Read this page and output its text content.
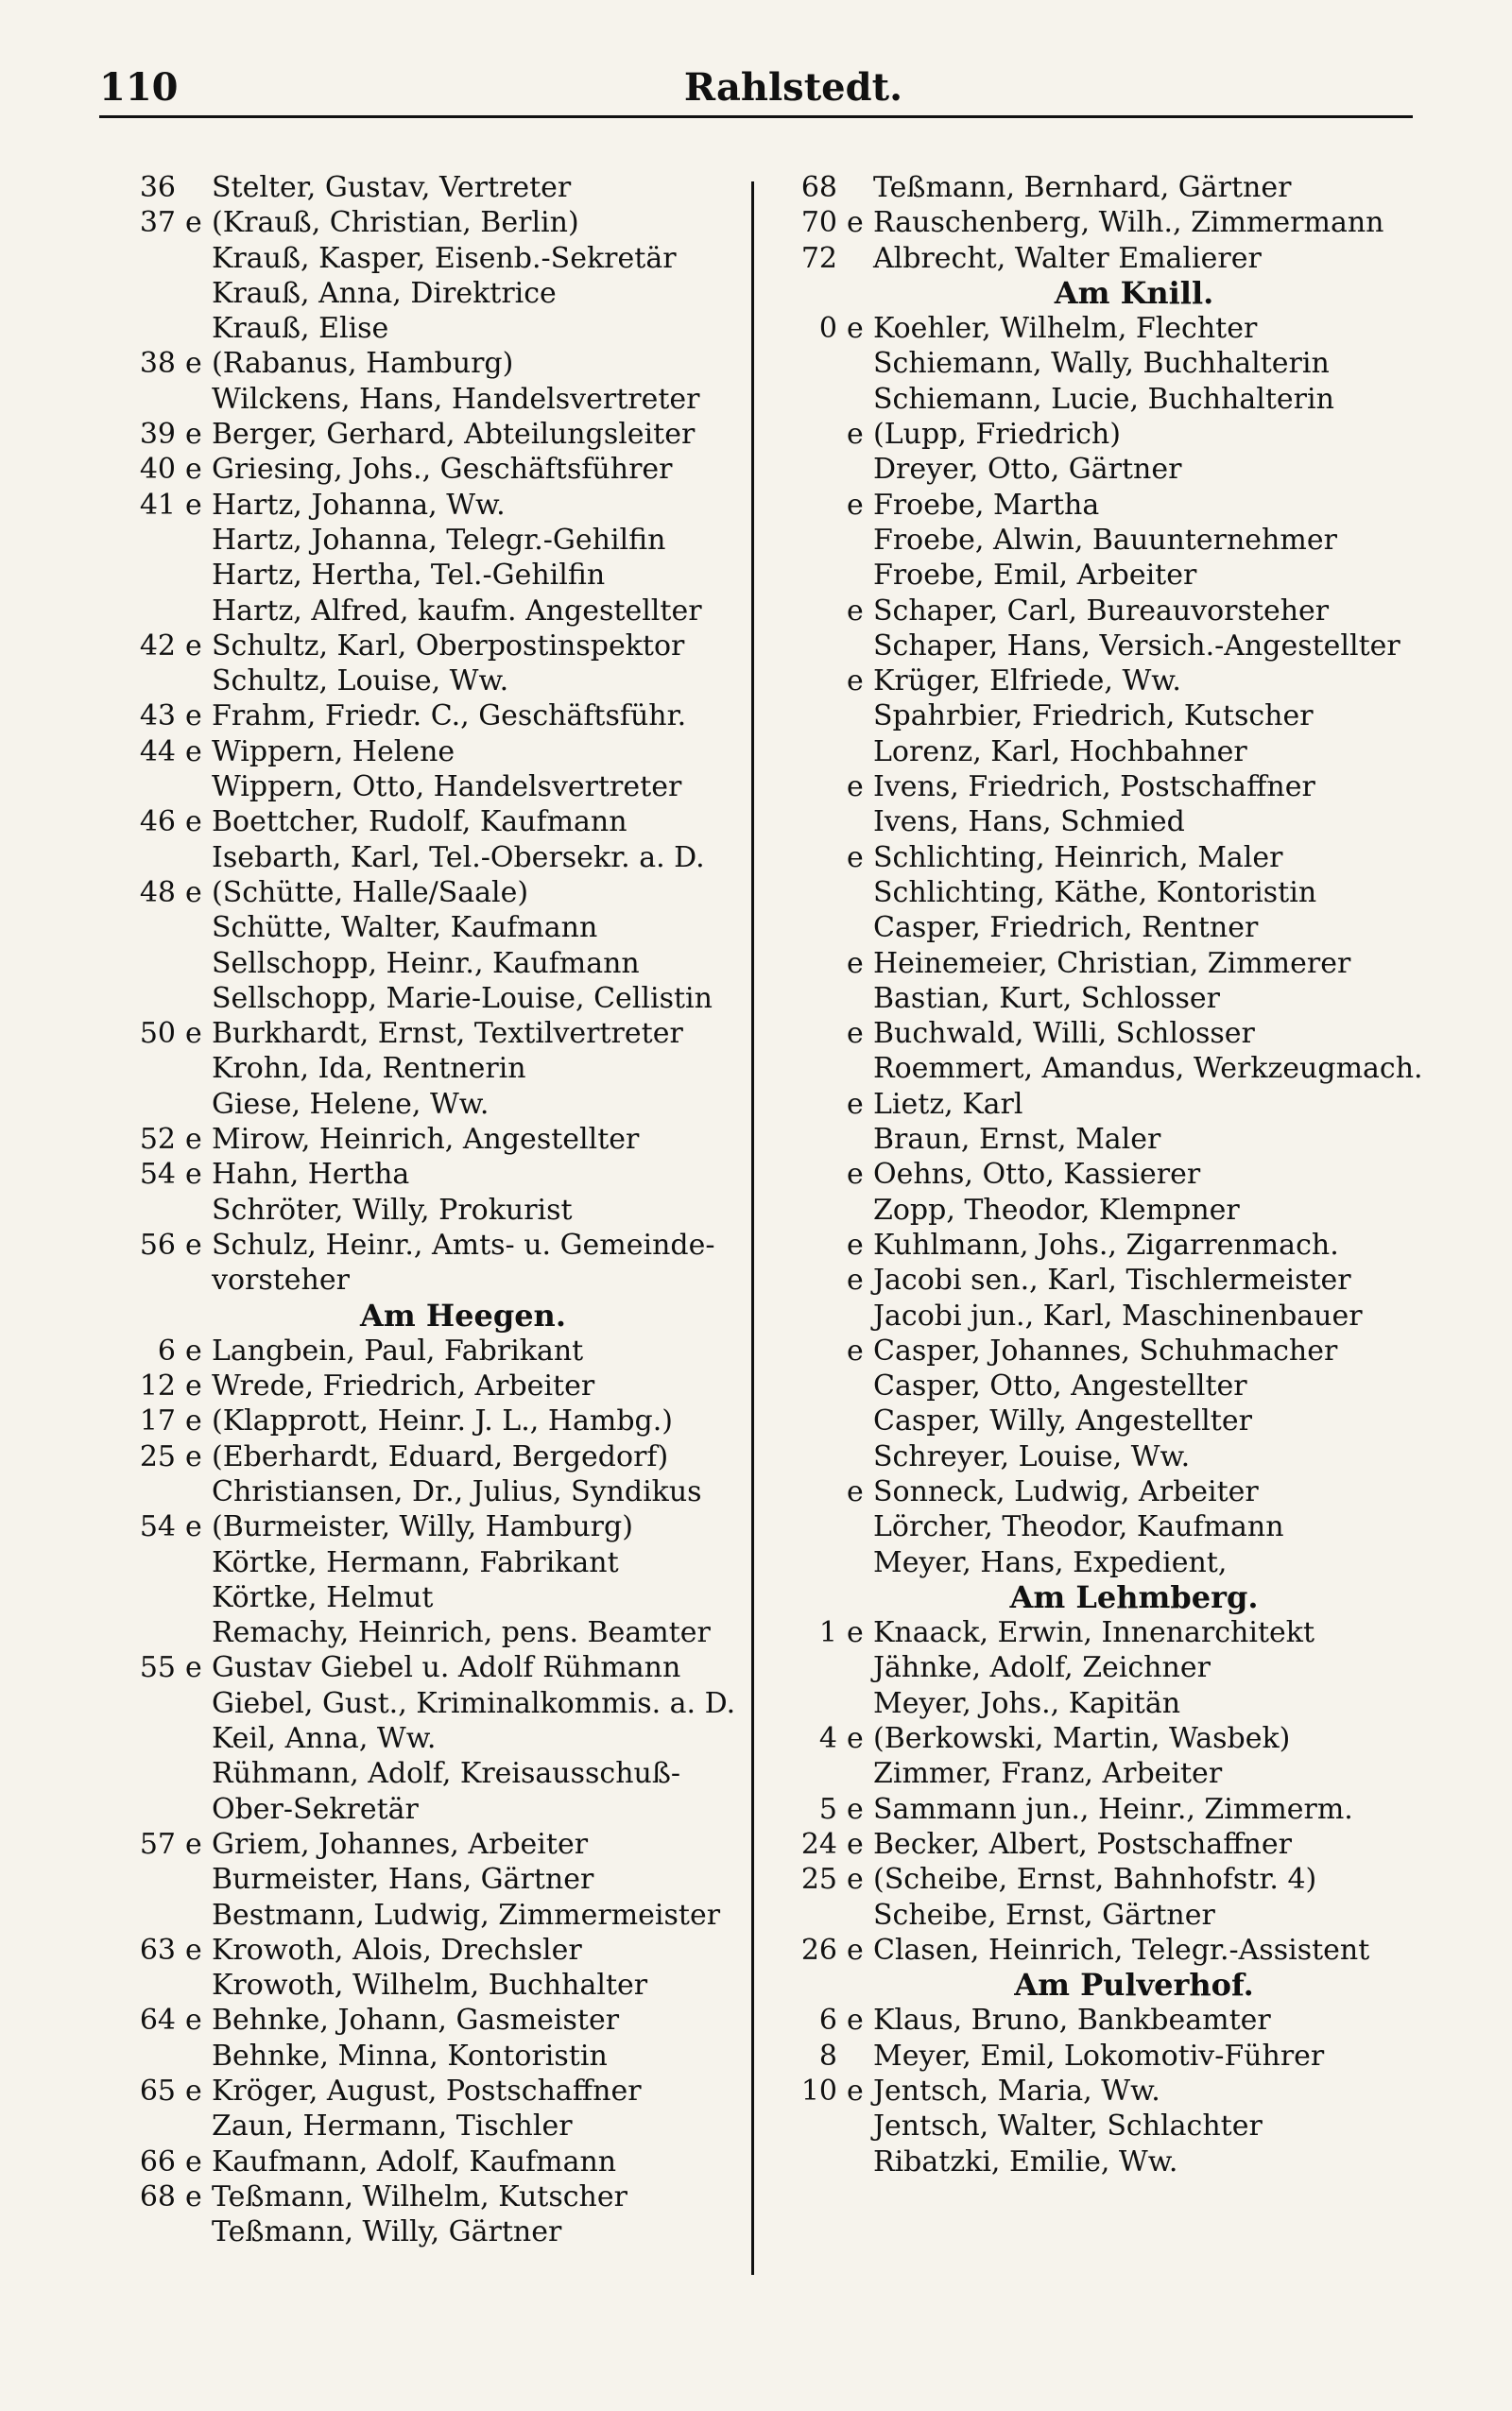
110	Rahlstedt.
36	Stelter, Gustav, Vertreter
37 e (Krauß, Christian, Berlin)
Krauß, Kasper, Eisenb.-Sekretär
Krauß, Anna, Direktrice
Krauß, Elise
38 e (Rabanus, Hamburg)
Wilckens, Hans, Handelsvertreter
39 e Berger, Gerhard, Abteilungsleiter
40 e Griesing, Johs., Geschäftsführer
41 e Hartz, Johanna, Ww.
Hartz, Johanna, Telegr.-Gehilfin
Hartz, Hertha, Tel.-Gehilfin
Hartz, Alfred, kaufm. Angestellter
42 e Schultz, Karl, Oberpostinspektor
Schultz, Louise, Ww.
43 e Frahm, Friedr. C., Geschäftsführ.
44 e Wippern, Helene
Wippern, Otto, Handelsvertreter
46 e Boettcher, Rudolf, Kaufmann
Isebarth, Karl, Tel.-Obersekr. a. D.
48 e (Schütte, Halle/Saale)
Schütte, Walter, Kaufmann
Sellschopp, Heinr., Kaufmann
Sellschopp, Marie-Louise, Cellistin
50 e Burkhardt, Ernst, Textilvertreter
Krohn, Ida, Rentnerin
Giese, Helene, Ww.
52 e Mirow, Heinrich, Angestellter
54 e Hahn, Hertha
Schröter, Willy, Prokurist
56 e Schulz, Heinr., Amts- u. Gemeinde-
vorsteher
Am Heegen.
6 e Langbein, Paul, Fabrikant
12 e Wrede, Friedrich, Arbeiter
17 e (Klapprott, Heinr. J. L., Hambg.)
25 e (Eberhardt, Eduard, Bergedorf)
Christiansen, Dr., Julius, Syndikus
54 e (Burmeister, Willy, Hamburg)
Körtke, Hermann, Fabrikant
Körtke, Helmut
Remachy, Heinrich, pens. Beamter
55 e Gustav Giebel u. Adolf Rühmann
Giebel, Gust., Kriminalkommis. a. D.
Keil, Anna, Ww.
Rühmann, Adolf, Kreisausschuß-
Ober-Sekretär
57 e Griem, Johannes, Arbeiter
Burmeister, Hans, Gärtner
Bestmann, Ludwig, Zimmermeister
63 e Krowoth, Alois, Drechsler
Krowoth, Wilhelm, Buchhalter
64 e Behnke, Johann, Gasmeister
Behnke, Minna, Kontoristin
65 e Kröger, August, Postschaffner
Zaun, Hermann, Tischler
66 e Kaufmann, Adolf, Kaufmann
68 e Teßmann, Wilhelm, Kutscher
Teßmann, Willy, Gärtner
68	Teßmann, Bernhard, Gärtner
70 e Rauschenberg, Wilh., Zimmermann
72	Albrecht, Walter Emalierer
Am Knill.
0 e Koehler, Wilhelm, Flechter
Schiemann, Wally, Buchhalterin
Schiemann, Lucie, Buchhalterin
e (Lupp, Friedrich)
Dreyer, Otto, Gärtner
e Froebe, Martha
Froebe, Alwin, Bauunternehmer
Froebe, Emil, Arbeiter
e Schaper, Carl, Bureauvorsteher
Schaper, Hans, Versich.-Angestellter
e Krüger, Elfriede, Ww.
Spahrbier, Friedrich, Kutscher
Lorenz, Karl, Hochbahner
e Ivens, Friedrich, Postschaffner
Ivens, Hans, Schmied
e Schlichting, Heinrich, Maler
Schlichting, Käthe, Kontoristin
Casper, Friedrich, Rentner
e Heinemeier, Christian, Zimmerer
Bastian, Kurt, Schlosser
e Buchwald, Willi, Schlosser
Roemmert, Amandus, Werkzeugmach.
e Lietz, Karl
Braun, Ernst, Maler
e Oehns, Otto, Kassierer
Zopp, Theodor, Klempner
e Kuhlmann, Johs., Zigarrenmach.
e Jacobi sen., Karl, Tischlermeister
Jacobi jun., Karl, Maschinenbauer
e Casper, Johannes, Schuhmacher
Casper, Otto, Angestellter
Casper, Willy, Angestellter
Schreyer, Louise, Ww.
e Sonneck, Ludwig, Arbeiter
Lörcher, Theodor, Kaufmann
Meyer, Hans, Expedient,
Am Lehmberg.
1 e Knaack, Erwin, Innenarchitekt
Jähnke, Adolf, Zeichner
Meyer, Johs., Kapitän
4 e (Berkowski, Martin, Wasbek)
Zimmer, Franz, Arbeiter
5 e Sammann jun., Heinr., Zimmerm.
24 e Becker, Albert, Postschaffner
25 e (Scheibe, Ernst, Bahnhofstr. 4)
Scheibe, Ernst, Gärtner
26 e Clasen, Heinrich, Telegr.-Assistent
Am Pulverhof.
6 e Klaus, Bruno, Bankbeamter
8	Meyer, Emil, Lokomotiv-Führer
10 e Jentsch, Maria, Ww.
Jentsch, Walter, Schlachter
Ribatzki, Emilie, Ww.
